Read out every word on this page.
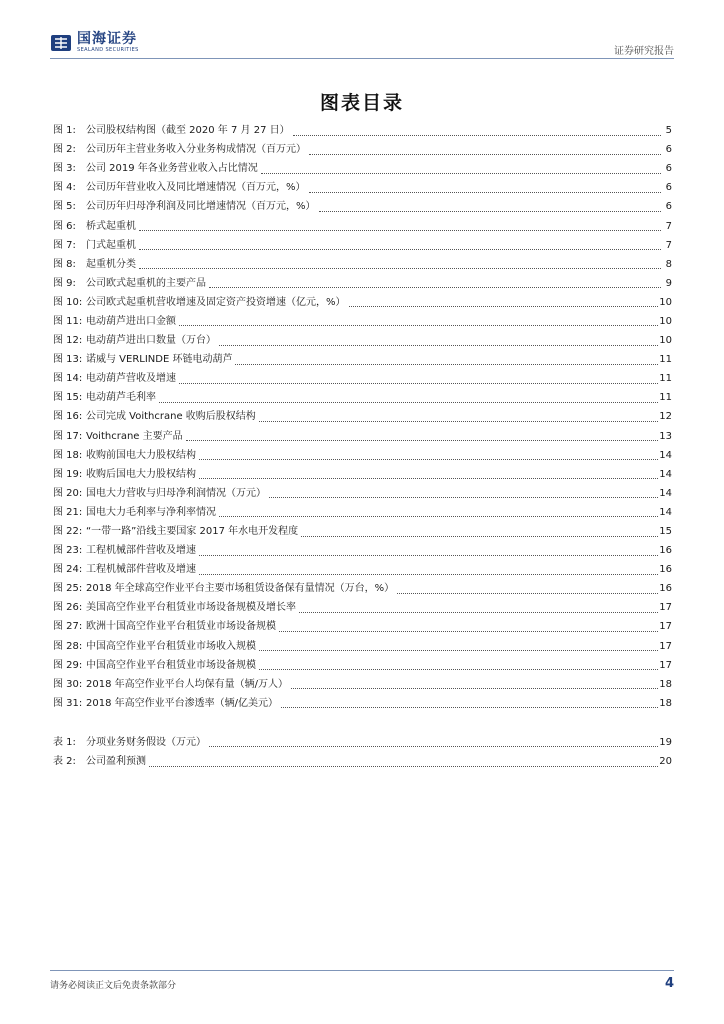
国海证券
SEALAND SECURITIES	证券研究报告
图表目录
图 1:	公司股权结构图（截至 2020 年 7 月 27 日）	5
图 2:	公司历年主营业务收入分业务构成情况（百万元）	6
图 3:	公司 2019 年各业务营业收入占比情况	6
图 4:	公司历年营业收入及同比增速情况（百万元，%）	6
图 5:	公司历年归母净利润及同比增速情况（百万元，%）	6
图 6:	桥式起重机	7
图 7:	门式起重机	7
图 8:	起重机分类	8
图 9:	公司欧式起重机的主要产品	9
图 10: 公司欧式起重机营收增速及固定资产投资增速（亿元，%）	10
图 11: 电动葫芦进出口金额	10
图 12: 电动葫芦进出口数量（万台）	10
图 13: 诺威与 VERLINDE 环链电动葫芦	11
图 14: 电动葫芦营收及增速	11
图 15: 电动葫芦毛利率	11
图 16: 公司完成 Voithcrane 收购后股权结构	12
图 17: Voithcrane 主要产品	13
图 18: 收购前国电大力股权结构	14
图 19: 收购后国电大力股权结构	14
图 20: 国电大力营收与归母净利润情况（万元）	14
图 21: 国电大力毛利率与净利率情况	14
图 22: “一带一路”沿线主要国家 2017 年水电开发程度	15
图 23: 工程机械部件营收及增速	16
图 24: 工程机械部件营收及增速	16
图 25: 2018 年全球高空作业平台主要市场租赁设备保有量情况（万台，%）	16
图 26: 美国高空作业平台租赁业市场设备规模及增长率	17
图 27: 欧洲十国高空作业平台租赁业市场设备规模	17
图 28: 中国高空作业平台租赁业市场收入规模	17
图 29: 中国高空作业平台租赁业市场设备规模	17
图 30: 2018 年高空作业平台人均保有量（辆/万人）	18
图 31: 2018 年高空作业平台渗透率（辆/亿美元）	18
表 1:	分项业务财务假设（万元）	19
表 2:	公司盈利预测	20
请务必阅读正文后免责条款部分	4
